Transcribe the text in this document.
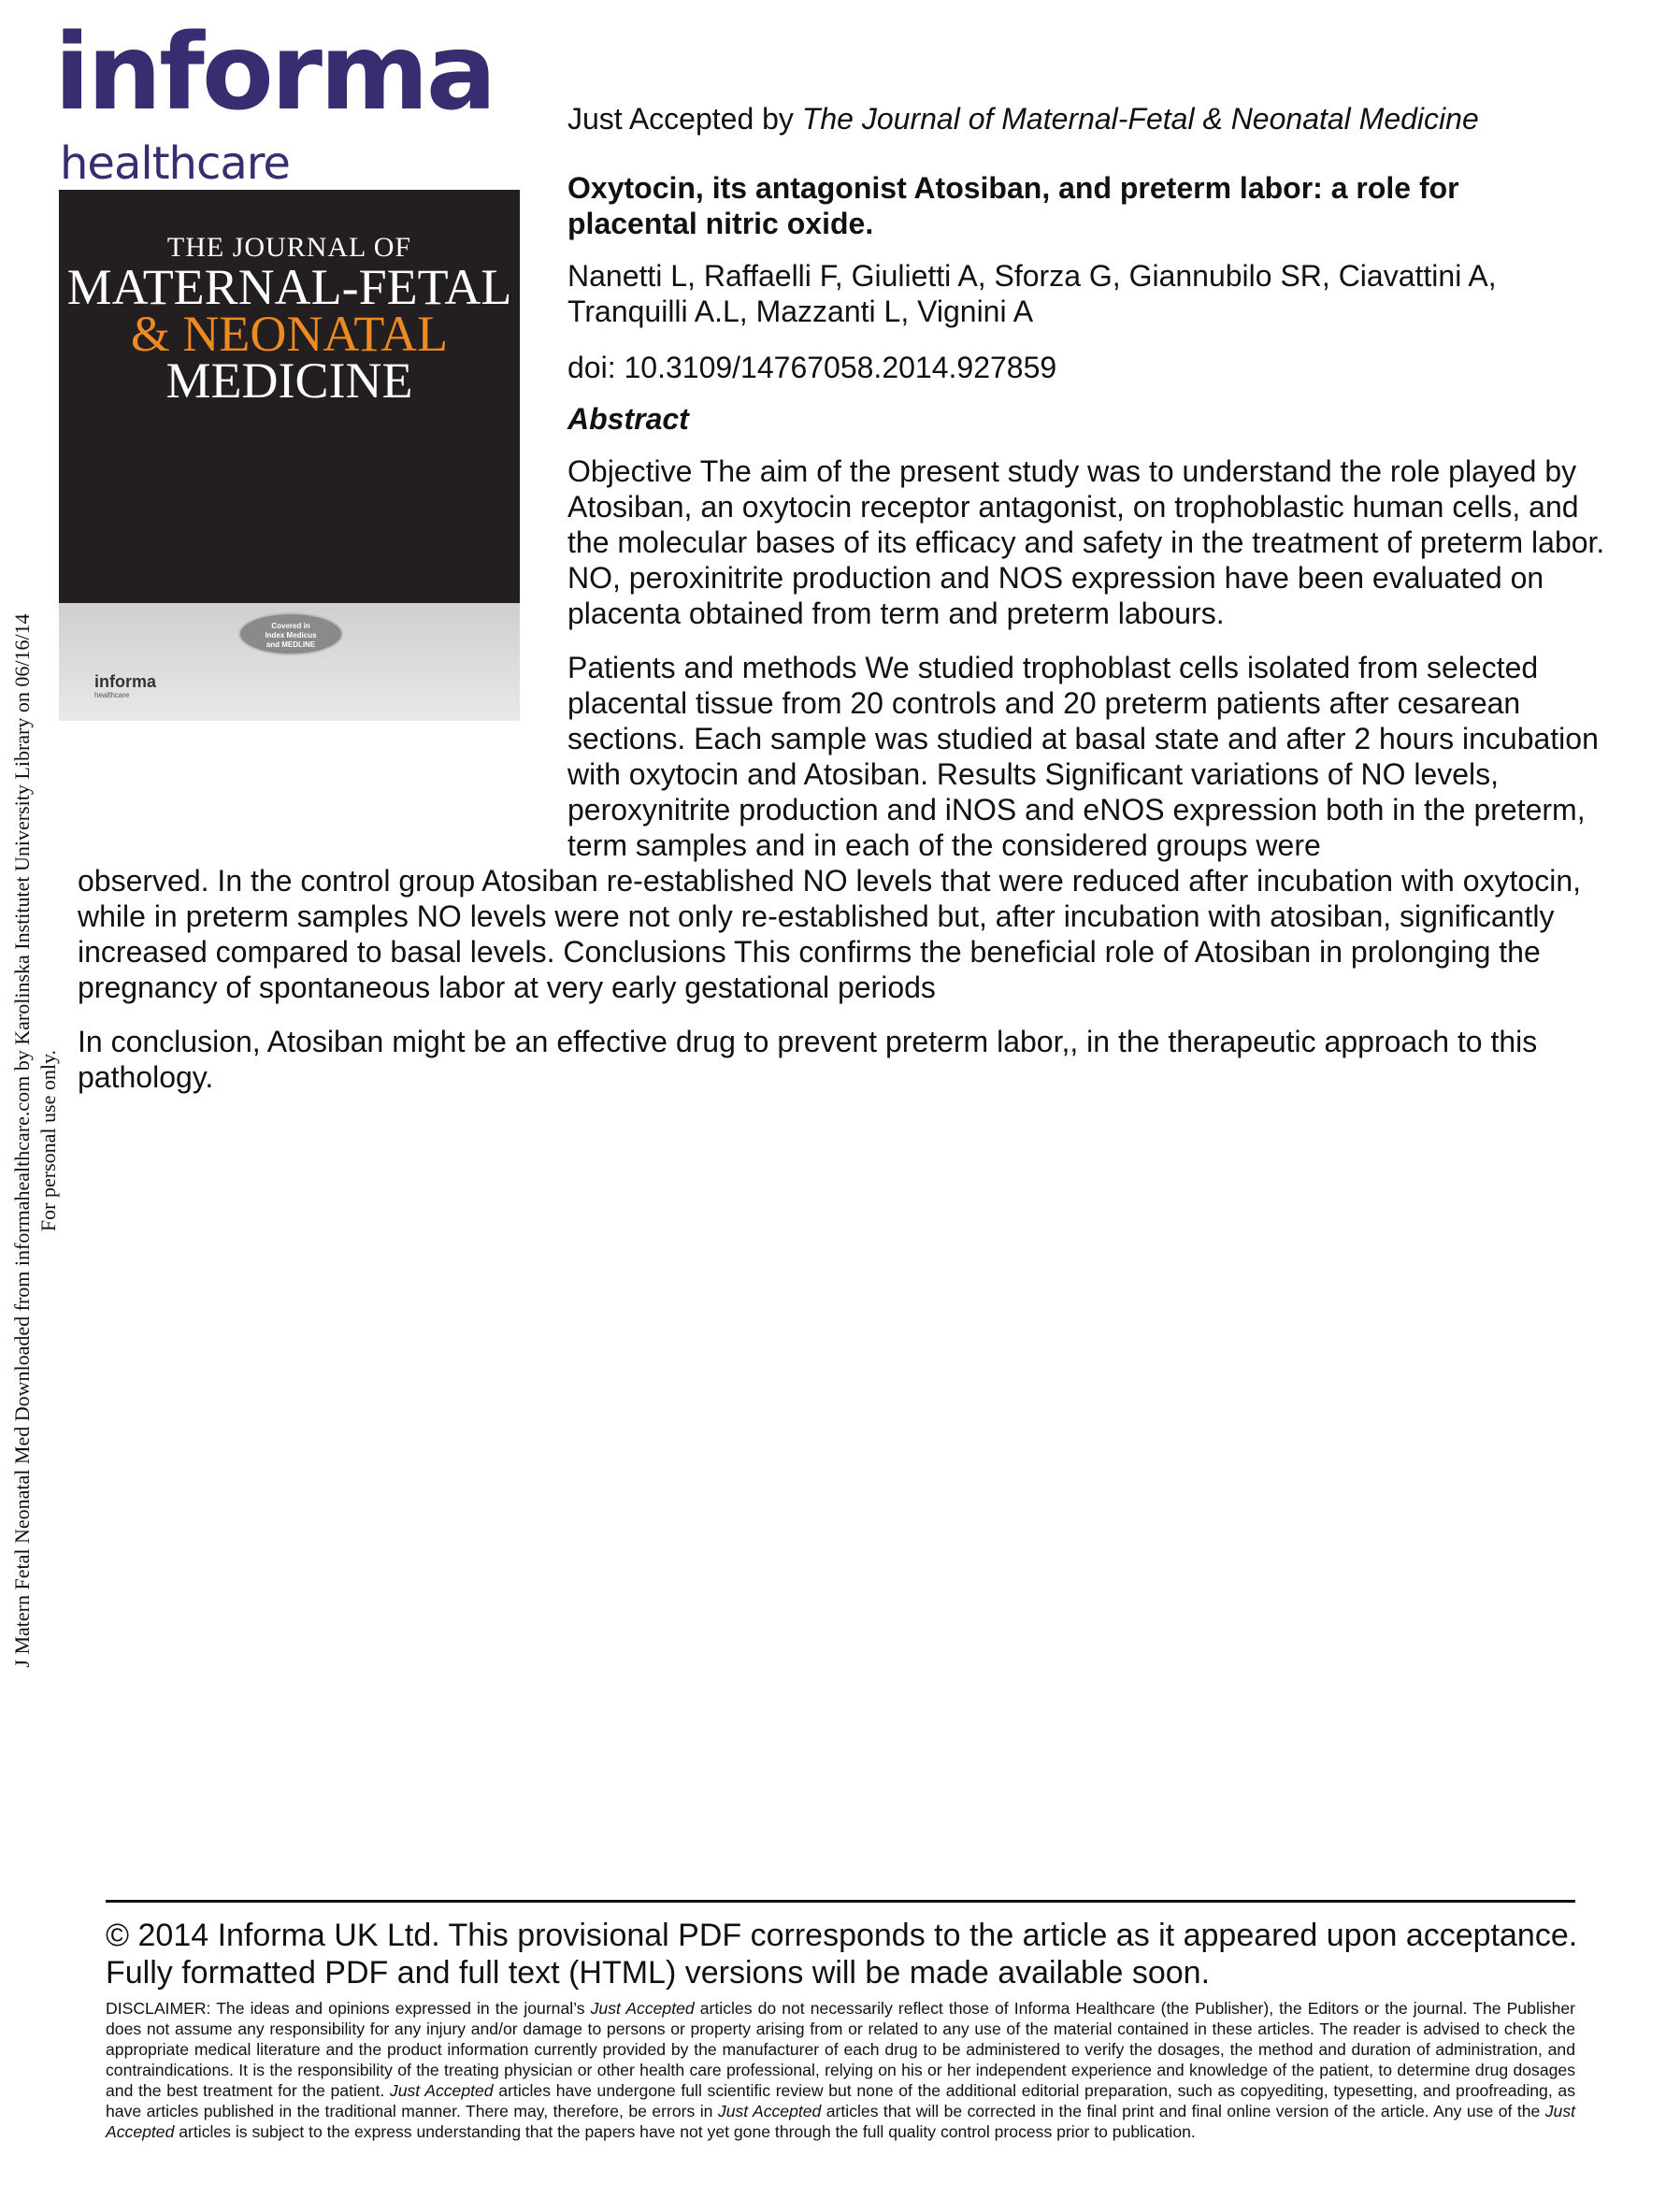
informa
healthcare
THE JOURNAL OF
MATERNAL-FETAL
& NEONATAL
MEDICINE
Covered in
Index Medicus
and MEDLINE
informa
healthcare
Just Accepted by The Journal of Maternal-Fetal & Neonatal Medicine
Oxytocin, its antagonist Atosiban, and preterm labor: a role for placental nitric oxide.
Nanetti L, Raffaelli F, Giulietti A, Sforza G, Giannubilo SR, Ciavattini A, Tranquilli A.L, Mazzanti L, Vignini A
doi: 10.3109/14767058.2014.927859
Abstract

Objective The aim of the present study was to understand the role played by Atosiban, an oxytocin receptor antagonist, on trophoblastic human cells, and the molecular bases of its efficacy and safety in the treatment of preterm labor. NO, peroxinitrite production and NOS expression have been evaluated on placenta obtained from term and preterm labours.

Patients and methods We studied trophoblast cells isolated from selected placental tissue from 20 controls and 20 preterm patients after cesarean sections. Each sample was studied at basal state and after 2 hours incubation with oxytocin and Atosiban. Results Significant variations of NO levels, peroxynitrite production and iNOS and eNOS expression both in the preterm, term samples and in each of the considered groups were

observed. In the control group Atosiban re-established NO levels that were reduced after incubation with oxytocin, while in preterm samples NO levels were not only re-established but, after incubation with atosiban, significantly increased compared to basal levels. Conclusions This confirms the beneficial role of Atosiban in prolonging the pregnancy of spontaneous labor at very early gestational periods

In conclusion, Atosiban might be an effective drug to prevent preterm labor,, in the therapeutic approach to this pathology.

J Matern Fetal Neonatal Med Downloaded from informahealthcare.com by Karolinska Institutet University Library on 06/16/14 For personal use only.

© 2014 Informa UK Ltd. This provisional PDF corresponds to the article as it appeared upon acceptance. Fully formatted PDF and full text (HTML) versions will be made available soon.

DISCLAIMER: The ideas and opinions expressed in the journal’s Just Accepted articles do not necessarily reflect those of Informa Healthcare (the Publisher), the Editors or the journal. The Publisher does not assume any responsibility for any injury and/or damage to persons or property arising from or related to any use of the material contained in these articles. The reader is advised to check the appropriate medical literature and the product information currently provided by the manufacturer of each drug to be administered to verify the dosages, the method and duration of administration, and contraindications. It is the responsibility of the treating physician or other health care professional, relying on his or her independent experience and knowledge of the patient, to determine drug dosages and the best treatment for the patient. Just Accepted articles have undergone full scientific review but none of the additional editorial preparation, such as copyediting, typesetting, and proofreading, as have articles published in the traditional manner. There may, therefore, be errors in Just Accepted articles that will be corrected in the final print and final online version of the article. Any use of the Just Accepted articles is subject to the express understanding that the papers have not yet gone through the full quality control process prior to publication.
